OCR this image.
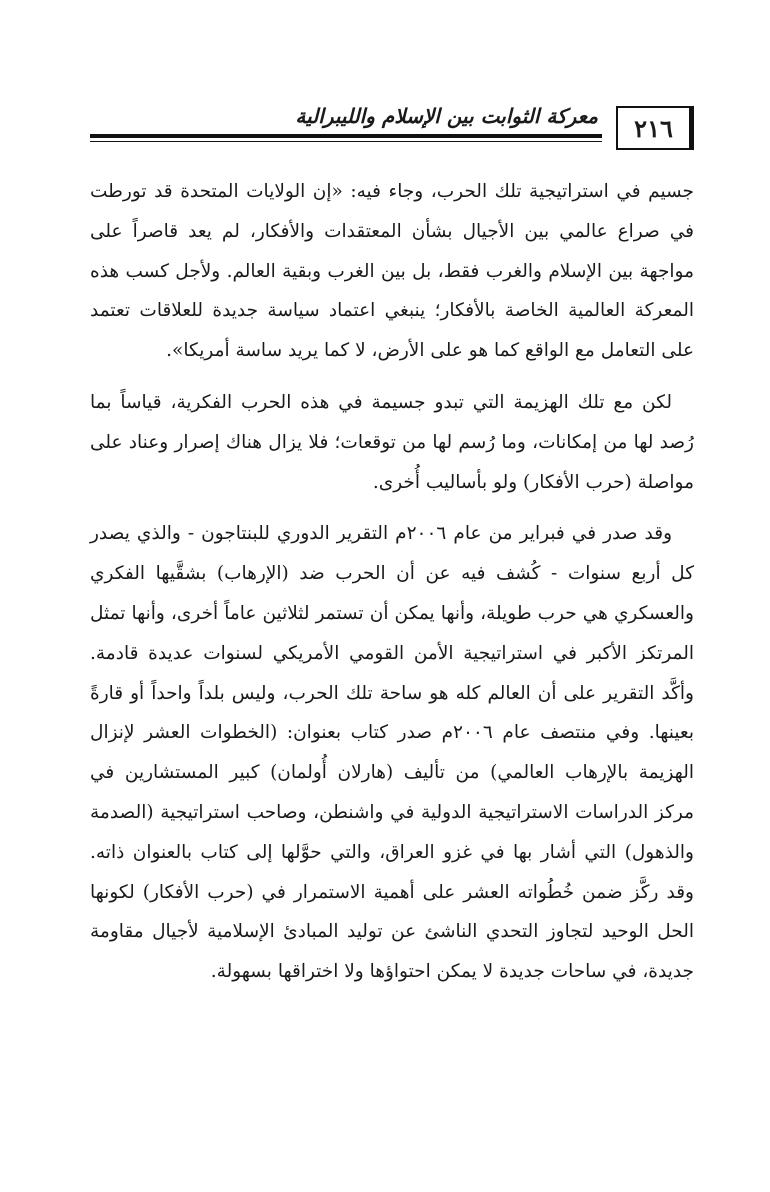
٢١٦
معركة الثوابت بين الإسلام والليبرالية

جسيم في استراتيجية تلك الحرب، وجاء فيه: «إن الولايات المتحدة قد تورطت في صراع عالمي بين الأجيال بشأن المعتقدات والأفكار، لم يعد قاصراً على مواجهة بين الإسلام والغرب فقط، بل بين الغرب وبقية العالم. ولأجل كسب هذه المعركة العالمية الخاصة بالأفكار؛ ينبغي اعتماد سياسة جديدة للعلاقات تعتمد على التعامل مع الواقع كما هو على الأرض، لا كما يريد ساسة أمريكا».

لكن مع تلك الهزيمة التي تبدو جسيمة في هذه الحرب الفكرية، قياساً بما رُصد لها من إمكانات، وما رُسم لها من توقعات؛ فلا يزال هناك إصرار وعناد على مواصلة (حرب الأفكار) ولو بأساليب أُخرى.

وقد صدر في فبراير من عام ٢٠٠٦م التقرير الدوري للبنتاجون - والذي يصدر كل أربع سنوات - كُشف فيه عن أن الحرب ضد (الإرهاب) بشقَّيها الفكري والعسكري هي حرب طويلة، وأنها يمكن أن تستمر لثلاثين عاماً أخرى، وأنها تمثل المرتكز الأكبر في استراتيجية الأمن القومي الأمريكي لسنوات عديدة قادمة. وأكَّد التقرير على أن العالم كله هو ساحة تلك الحرب، وليس بلداً واحداً أو قارةً بعينها. وفي منتصف عام ٢٠٠٦م صدر كتاب بعنوان: (الخطوات العشر لإنزال الهزيمة بالإرهاب العالمي) من تأليف (هارلان أُولمان) كبير المستشارين في مركز الدراسات الاستراتيجية الدولية في واشنطن، وصاحب استراتيجية (الصدمة والذهول) التي أشار بها في غزو العراق، والتي حوَّلها إلى كتاب بالعنوان ذاته. وقد ركَّز ضمن خُطُواته العشر على أهمية الاستمرار في (حرب الأفكار) لكونها الحل الوحيد لتجاوز التحدي الناشئ عن توليد المبادئ الإسلامية لأجيال مقاومة جديدة، في ساحات جديدة لا يمكن احتواؤها ولا اختراقها بسهولة.
